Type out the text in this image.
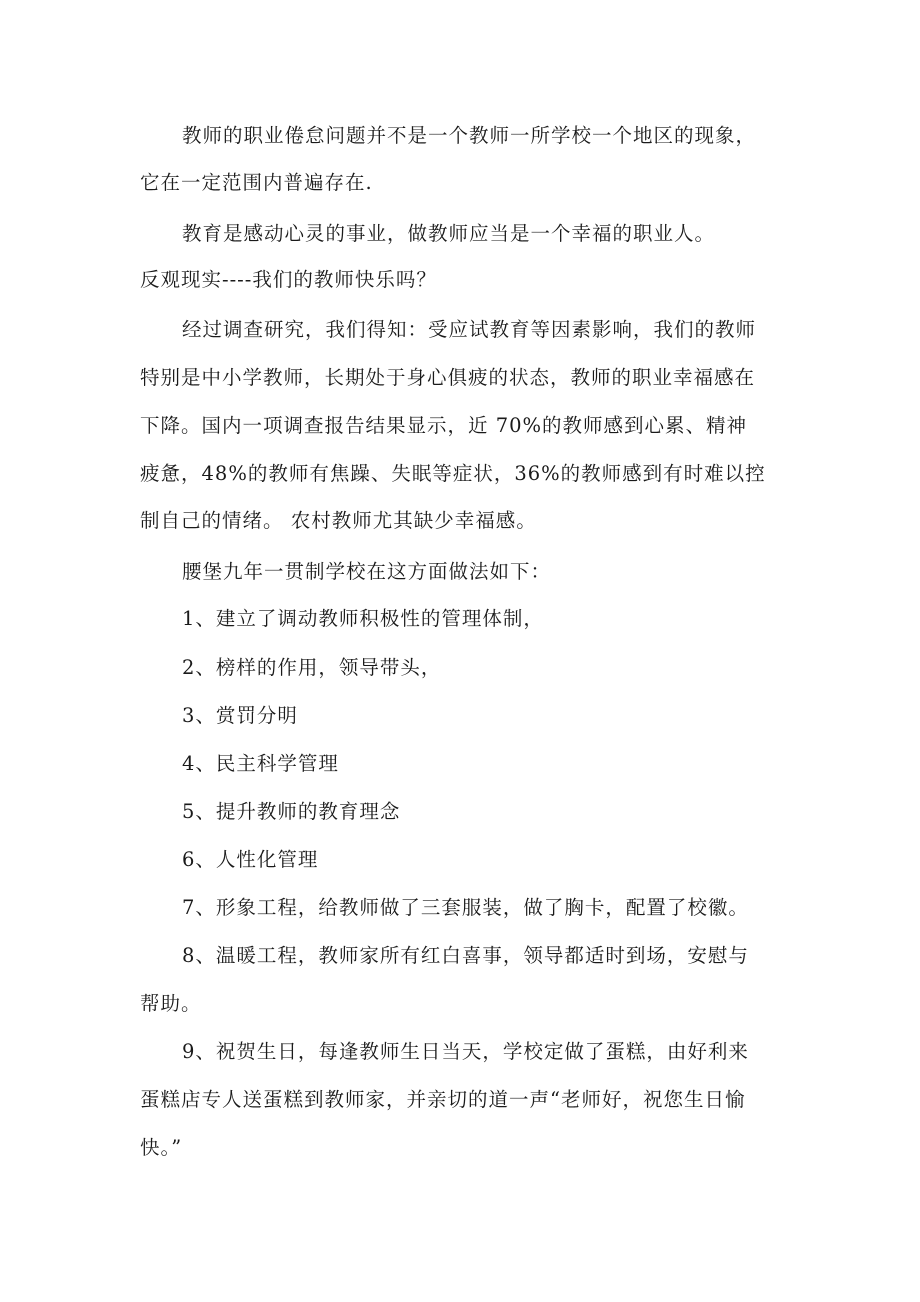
教师的职业倦怠问题并不是一个教师一所学校一个地区的现象，

它在一定范围内普遍存在.

教育是感动心灵的事业，做教师应当是一个幸福的职业人。

反观现实----我们的教师快乐吗？

经过调查研究，我们得知：受应试教育等因素影响，我们的教师

特别是中小学教师，长期处于身心俱疲的状态，教师的职业幸福感在

下降。国内一项调查报告结果显示，近 70%的教师感到心累、精神

疲惫，48%的教师有焦躁、失眠等症状，36%的教师感到有时难以控

制自己的情绪。 农村教师尤其缺少幸福感。

腰堡九年一贯制学校在这方面做法如下：

1、建立了调动教师积极性的管理体制，

2、榜样的作用，领导带头，

3、赏罚分明

4、民主科学管理

5、提升教师的教育理念

6、人性化管理

7、形象工程，给教师做了三套服装，做了胸卡，配置了校徽。

8、温暖工程，教师家所有红白喜事，领导都适时到场，安慰与

帮助。

9、祝贺生日，每逢教师生日当天，学校定做了蛋糕，由好利来

蛋糕店专人送蛋糕到教师家，并亲切的道一声“老师好，祝您生日愉

快。”
